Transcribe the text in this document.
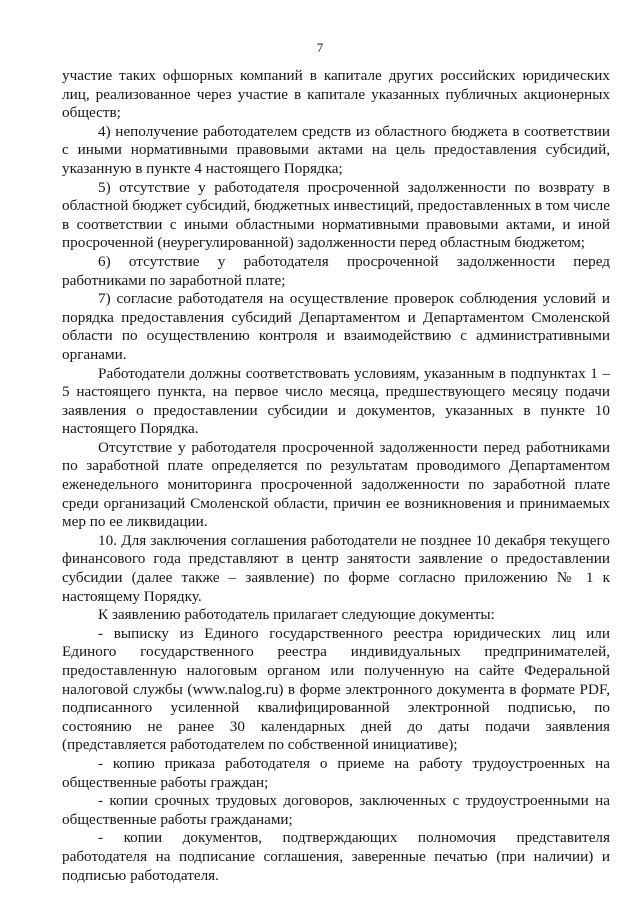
7

участие таких офшорных компаний в капитале других российских юридических лиц, реализованное через участие в капитале указанных публичных акционерных обществ;

4) неполучение работодателем средств из областного бюджета в соответствии с иными нормативными правовыми актами на цель предоставления субсидий, указанную в пункте 4 настоящего Порядка;

5) отсутствие у работодателя просроченной задолженности по возврату в областной бюджет субсидий, бюджетных инвестиций, предоставленных в том числе в соответствии с иными областными нормативными правовыми актами, и иной просроченной (неурегулированной) задолженности перед областным бюджетом;

6) отсутствие у работодателя просроченной задолженности перед работниками по заработной плате;

7) согласие работодателя на осуществление проверок соблюдения условий и порядка предоставления субсидий Департаментом и Департаментом Смоленской области по осуществлению контроля и взаимодействию с административными органами.

Работодатели должны соответствовать условиям, указанным в подпунктах 1 – 5 настоящего пункта, на первое число месяца, предшествующего месяцу подачи заявления о предоставлении субсидии и документов, указанных в пункте 10 настоящего Порядка.

Отсутствие у работодателя просроченной задолженности перед работниками по заработной плате определяется по результатам проводимого Департаментом еженедельного мониторинга просроченной задолженности по заработной плате среди организаций Смоленской области, причин ее возникновения и принимаемых мер по ее ликвидации.

10. Для заключения соглашения работодатели не позднее 10 декабря текущего финансового года представляют в центр занятости заявление о предоставлении субсидии (далее также – заявление) по форме согласно приложению № 1 к настоящему Порядку.

К заявлению работодатель прилагает следующие документы:

- выписку из Единого государственного реестра юридических лиц или Единого государственного реестра индивидуальных предпринимателей, предоставленную налоговым органом или полученную на сайте Федеральной налоговой службы (www.nalog.ru) в форме электронного документа в формате PDF, подписанного усиленной квалифицированной электронной подписью, по состоянию не ранее 30 календарных дней до даты подачи заявления (представляется работодателем по собственной инициативе);

- копию приказа работодателя о приеме на работу трудоустроенных на общественные работы граждан;

- копии срочных трудовых договоров, заключенных с трудоустроенными на общественные работы гражданами;

- копии документов, подтверждающих полномочия представителя работодателя на подписание соглашения, заверенные печатью (при наличии) и подписью работодателя.
